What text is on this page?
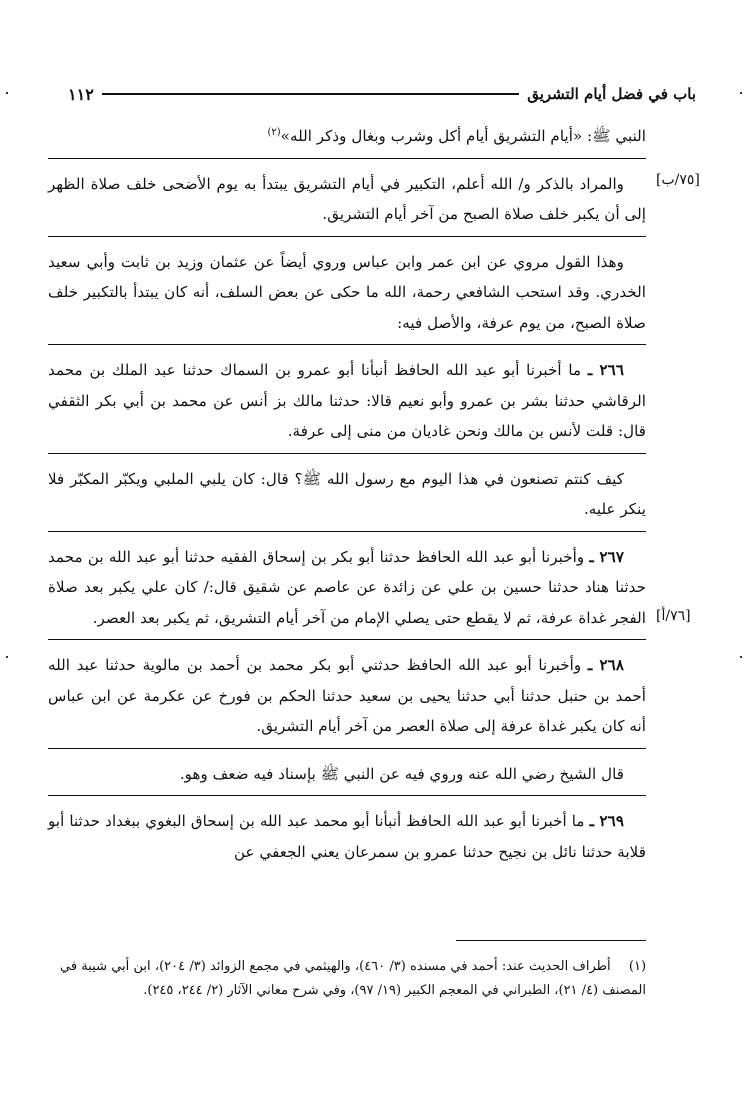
١١٢	باب في فضل أيام التشريق
[٧٥/ب]
[٧٦/أ]

النبي ﷺ: «أيام التشريق أيام أكل وشرب وبغال وذكر الله»$^{(٢)}$

والمراد بالذكر و/ الله أعلم، التكبير في أيام التشريق يبتدأ به يوم الأضحى خلف صلاة الظهر إلى أن يكبر خلف صلاة الصبح من آخر أيام التشريق.

وهذا القول مروي عن ابن عمر وابن عباس وروي أيضاً عن عثمان وزيد بن ثابت وأبي سعيد الخدري. وقد استحب الشافعي رحمة، الله ما حكى عن بعض السلف، أنه كان يبتدأ بالتكبير خلف صلاة الصبح، من يوم عرفة، والأصل فيه:

٢٦٦ ـ ما أخبرنا أبو عبد الله الحافظ أنبأنا أبو عمرو بن السماك حدثنا عبد الملك بن محمد الرقاشي حدثنا بشر بن عمرو وأبو نعيم قالا: حدثنا مالك بز أنس عن محمد بن أبي بكر الثقفي قال: قلت لأنس بن مالك ونحن غاديان من منى إلى عرفة.

كيف كنتم تصنعون في هذا اليوم مع رسول الله ﷺ؟ قال: كان يلبي الملبي ويكبّر المكبّر فلا ينكر عليه.

٢٦٧ ـ وأخبرنا أبو عبد الله الحافظ حدثنا أبو بكر بن إسحاق الفقيه حدثنا أبو عبد الله بن محمد حدثنا هناد حدثنا حسين بن علي عن زائدة عن عاصم عن شقيق قال:/ كان علي يكبر بعد صلاة الفجر غداة عرفة، ثم لا يقطع حتى يصلي الإمام من آخر أيام التشريق، ثم يكبر بعد العصر.

٢٦٨ ـ وأخبرنا أبو عبد الله الحافظ حدثني أبو بكر محمد بن أحمد بن مالوية حدثنا عبد الله أحمد بن حنبل حدثنا أبي حدثنا يحيى بن سعيد حدثنا الحكم بن فورخ عن عكرمة عن ابن عباس أنه كان يكبر غداة عرفة إلى صلاة العصر من آخر أيام التشريق.

قال الشيخ رضي الله عنه وروي فيه عن النبي ﷺ بإسناد فيه ضعف وهو.

٢٦٩ ـ ما أخبرنا أبو عبد الله الحافظ أنبأنا أبو محمد عبد الله بن إسحاق البغوي ببغداد حدثنا أبو قلابة حدثنا نائل بن نجيح حدثنا عمرو بن سمرعان يعني الجعفي عن

(١) أطراف الحديث عند: أحمد في مسنده (٣/ ٤٦٠)، والهيثمي في مجمع الزوائد (٣/ ٢٠٤)، ابن أبي شيبة في المصنف (٤/ ٢١)، الطبراني في المعجم الكبير (١٩/ ٩٧)، وفي شرح معاني الآثار (٢/ ٢٤٤، ٢٤٥).
